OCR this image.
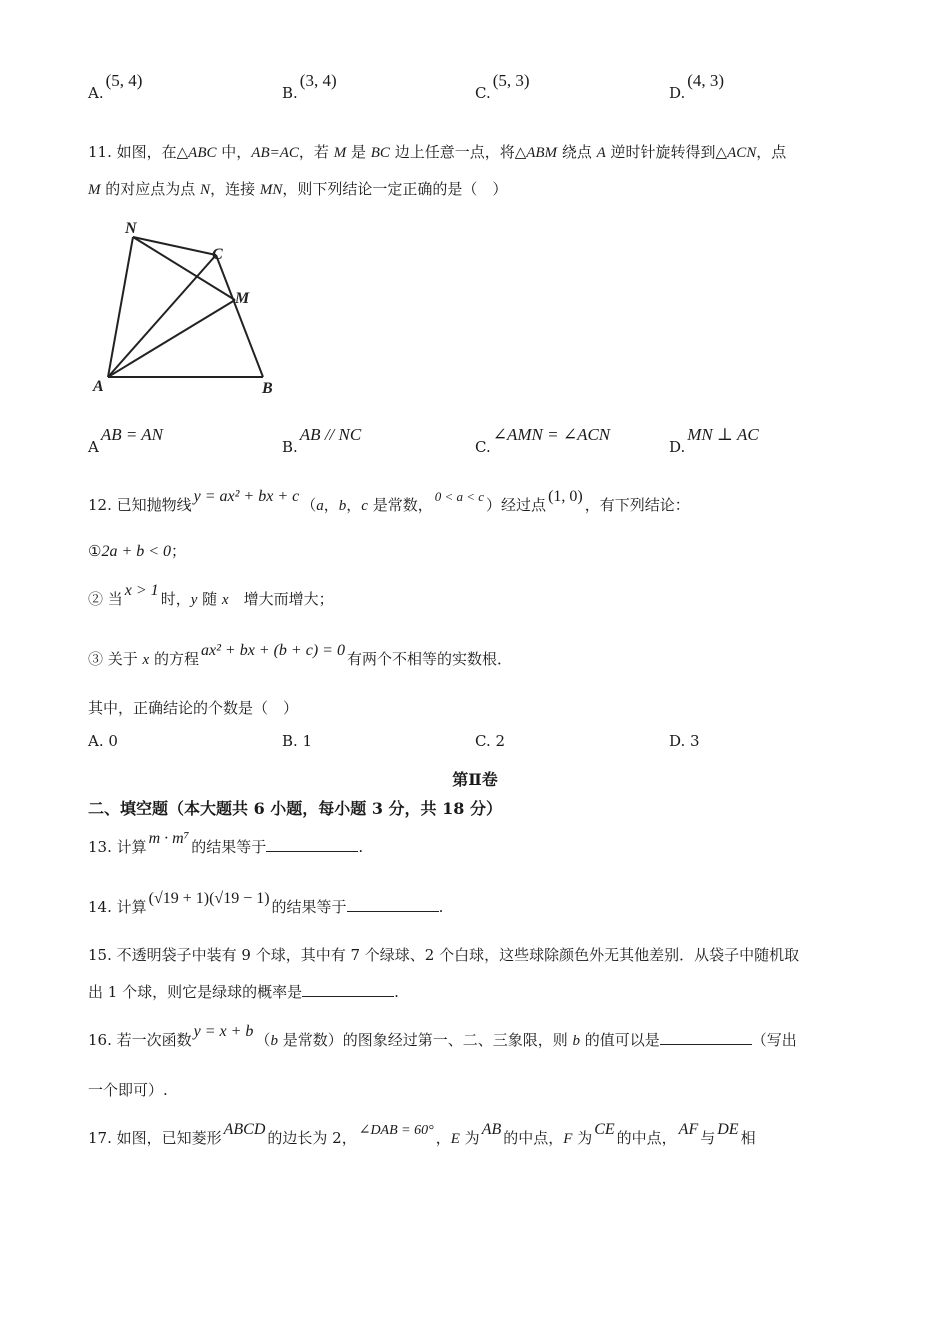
A.(5, 4)
B.(3, 4)
C.(5, 3)
D.(4, 3)
11. 如图，在△ABC 中，AB=AC，若 M 是 BC 边上任意一点，将△ABM 绕点 A 逆时针旋转得到△ACN，点
M 的对应点为点 N，连接 MN，则下列结论一定正确的是（　）
N
C
M
A	B
AAB = AN
B.AB // NC
C.∠AMN = ∠ACN
D.MN ⊥ AC
12. 已知抛物线 y = ax² + bx + c （a，b，c 是常数， 0 < a < c ）经过点 (1, 0) ，有下列结论：
①2a + b < 0；
② 当 x > 1 时，y 随 x　增大而增大；
③ 关于 x 的方程 ax² + bx + (b + c) = 0 有两个不相等的实数根．
其中，正确结论的个数是（　）
A. 0	B. 1	C. 2	D. 3
第Ⅱ卷
二、填空题（本大题共 6 小题，每小题 3 分，共 18 分）
13. 计算 m · m⁷ 的结果等于	.
14. 计算 (√19 + 1)(√19 − 1) 的结果等于	.
15. 不透明袋子中装有 9 个球，其中有 7 个绿球、2 个白球，这些球除颜色外无其他差别．从袋子中随机取
出 1 个球，则它是绿球的概率是	.
16. 若一次函数 y = x + b （b 是常数）的图象经过第一、二、三象限，则 b 的值可以是	（写出
一个即可）.
17. 如图，已知菱形 ABCD 的边长为 2， ∠DAB = 60° ，E 为 AB 的中点，F 为 CE 的中点， AF 与 DE 相
